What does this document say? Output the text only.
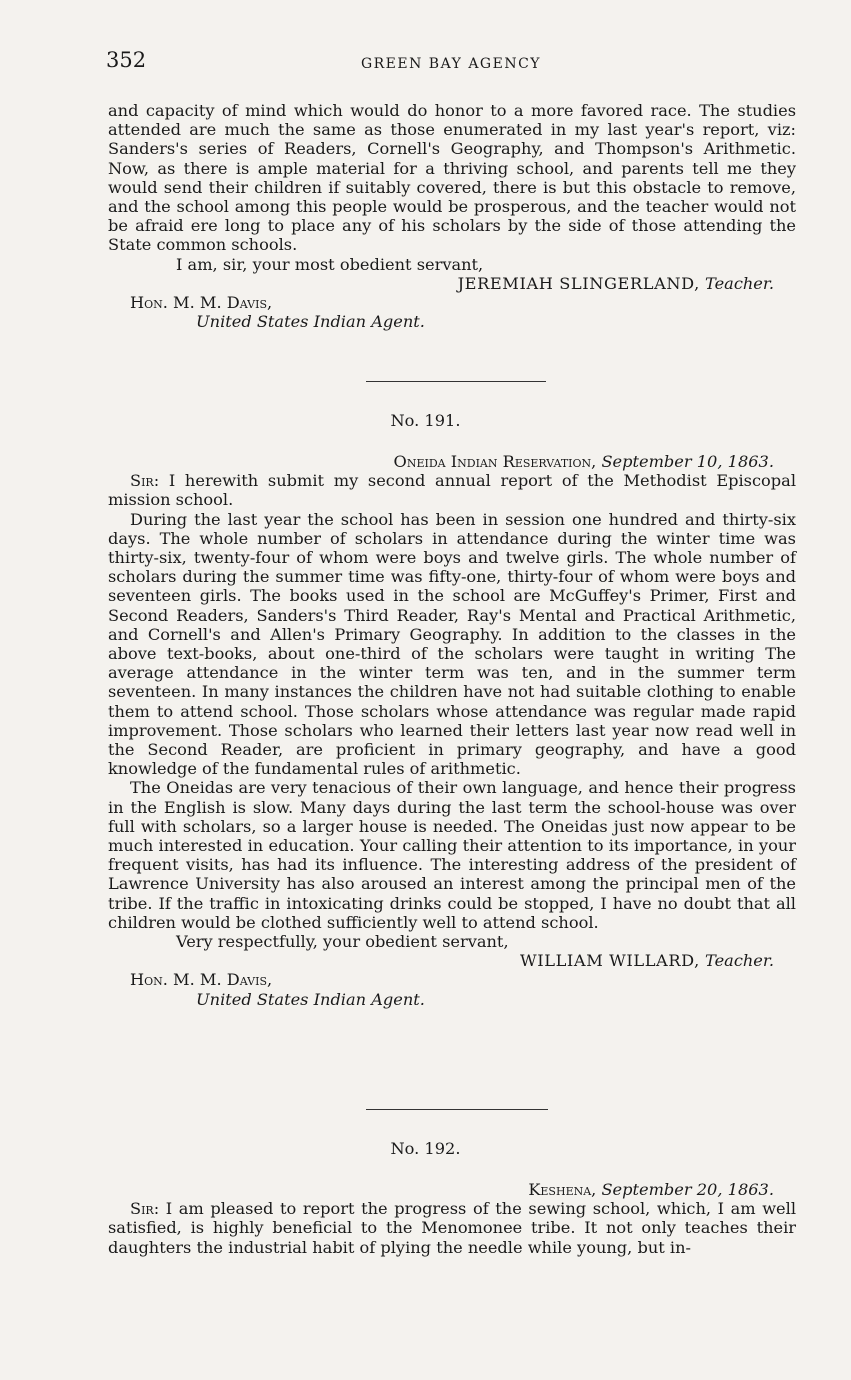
352	GREEN BAY AGENCY

and capacity of mind which would do honor to a more favored race. The studies attended are much the same as those enumerated in my last year's report, viz: Sanders's series of Readers, Cornell's Geography, and Thompson's Arithmetic. Now, as there is ample material for a thriving school, and parents tell me they would send their children if suitably covered, there is but this obstacle to remove, and the school among this people would be prosperous, and the teacher would not be afraid ere long to place any of his scholars by the side of those attending the State common schools.

I am, sir, your most obedient servant,
JEREMIAH SLINGERLAND, Teacher.
Hon. M. M. Davis,
United States Indian Agent.
No. 191.
Oneida Indian Reservation, September 10, 1863.

Sir: I herewith submit my second annual report of the Methodist Episcopal mission school.

During the last year the school has been in session one hundred and thirty-six days. The whole number of scholars in attendance during the winter time was thirty-six, twenty-four of whom were boys and twelve girls. The whole number of scholars during the summer time was fifty-one, thirty-four of whom were boys and seventeen girls. The books used in the school are McGuffey's Primer, First and Second Readers, Sanders's Third Reader, Ray's Mental and Practical Arithmetic, and Cornell's and Allen's Primary Geography. In addition to the classes in the above text-books, about one-third of the scholars were taught in writing The average attendance in the winter term was ten, and in the summer term seventeen. In many instances the children have not had suitable clothing to enable them to attend school. Those scholars whose attendance was regular made rapid improvement. Those scholars who learned their letters last year now read well in the Second Reader, are proficient in primary geography, and have a good knowledge of the fundamental rules of arithmetic.

The Oneidas are very tenacious of their own language, and hence their progress in the English is slow. Many days during the last term the school-house was over full with scholars, so a larger house is needed. The Oneidas just now appear to be much interested in education. Your calling their attention to its importance, in your frequent visits, has had its influence. The interesting address of the president of Lawrence University has also aroused an interest among the principal men of the tribe. If the traffic in intoxicating drinks could be stopped, I have no doubt that all children would be clothed sufficiently well to attend school.

Very respectfully, your obedient servant,
WILLIAM WILLARD, Teacher.
Hon. M. M. Davis,
United States Indian Agent.
No. 192.
Keshena, September 20, 1863.

Sir: I am pleased to report the progress of the sewing school, which, I am well satisfied, is highly beneficial to the Menomonee tribe. It not only teaches their daughters the industrial habit of plying the needle while young, but in-
